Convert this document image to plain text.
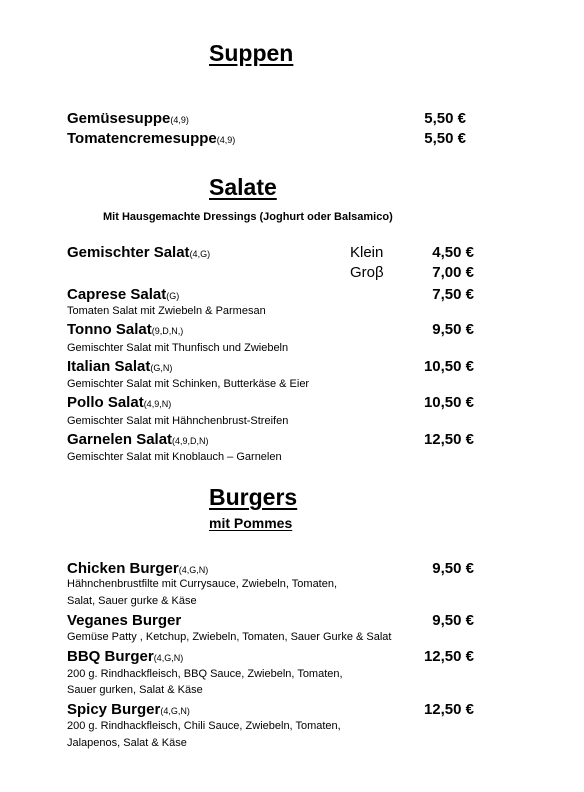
Suppen
Gemüsesuppe(4,9)	5,50 €
Tomatencremesuppe(4,9)	5,50 €
Salate
Mit Hausgemachte Dressings (Joghurt oder Balsamico)
Gemischter Salat(4,G)	Klein	4,50 €
Groβ	7,00 €
Caprese Salat(G)	7,50 €
Tomaten Salat mit Zwiebeln & Parmesan
Tonno Salat(9,D,N,)	9,50 €
Gemischter Salat mit Thunfisch und Zwiebeln
Italian Salat(G,N)	10,50 €
Gemischter Salat mit Schinken, Butterkäse & Eier
Pollo Salat(4,9,N)	10,50 €
Gemischter Salat mit Hähnchenbrust-Streifen
Garnelen Salat(4,9,D,N)	12,50 €
Gemischter Salat mit Knoblauch – Garnelen
Burgers
mit Pommes
Chicken Burger(4,G,N)	9,50 €
Hähnchenbrustfilte mit Currysauce, Zwiebeln, Tomaten,
Salat, Sauer gurke & Käse
Veganes Burger	9,50 €
Gemüse Patty , Ketchup, Zwiebeln, Tomaten, Sauer Gurke & Salat
BBQ Burger(4,G,N)	12,50 €
200 g. Rindhackfleisch, BBQ Sauce, Zwiebeln, Tomaten,
Sauer gurken, Salat & Käse
Spicy Burger(4,G,N)	12,50 €
200 g. Rindhackfleisch, Chili Sauce, Zwiebeln, Tomaten,
Jalapenos, Salat & Käse
